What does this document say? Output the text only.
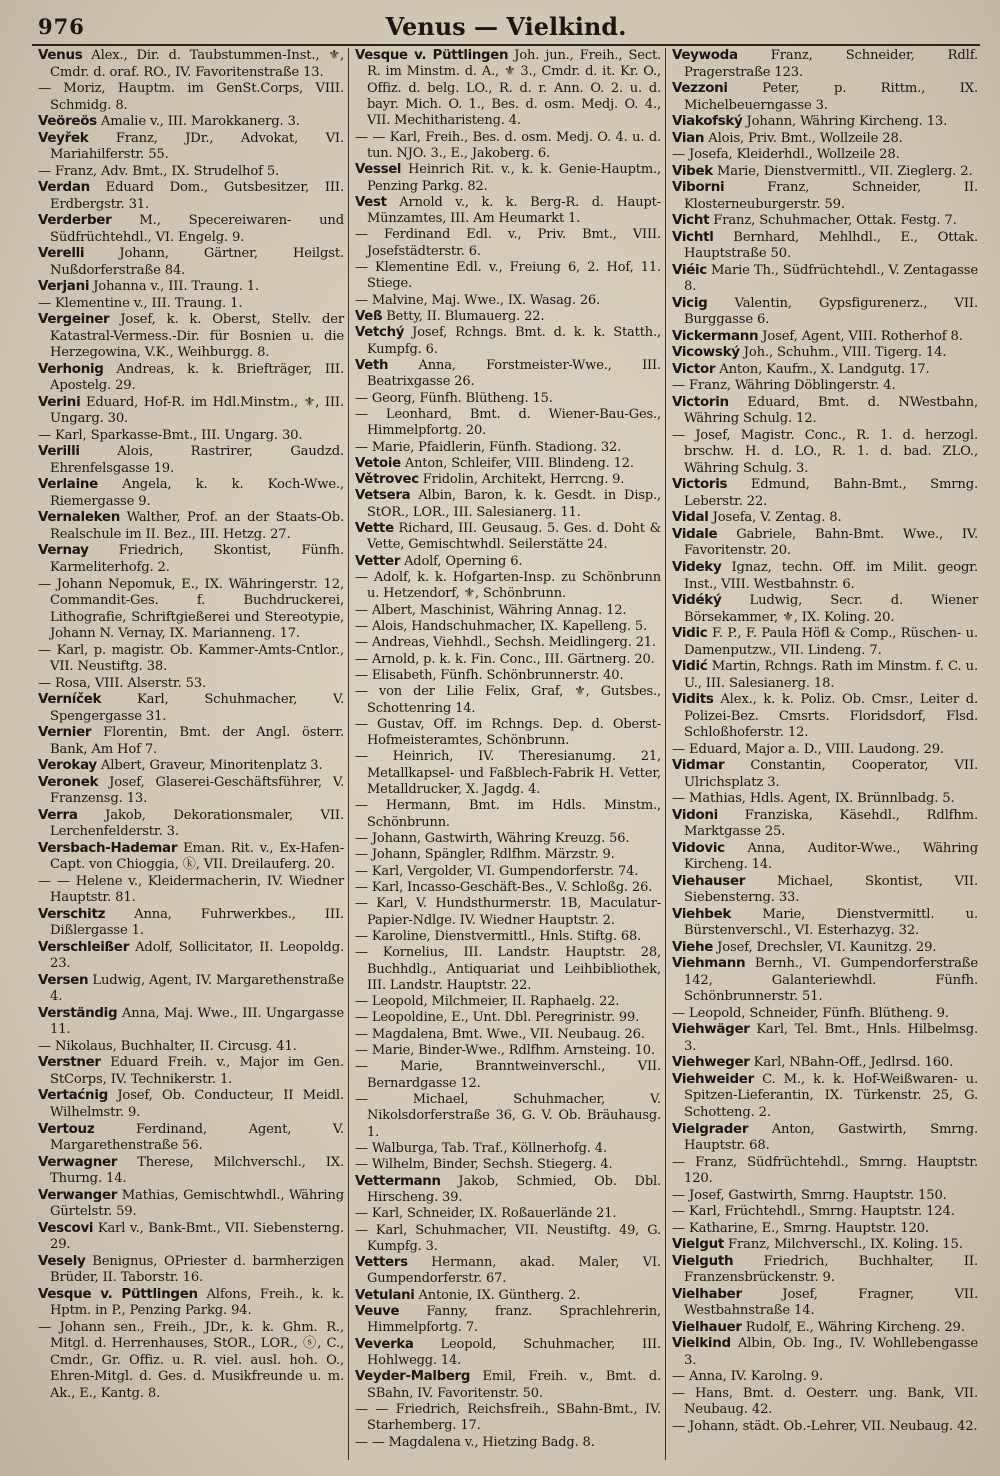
976	Venus — Vielkind.
Venus Alex., Dir. d. Taubstummen-Inst., ⚜, Cmdr. d. oraf. RO., IV. Favoritenstraße 13.
— Moriz, Hauptm. im GenSt.Corps, VIII. Schmidg. 8.
Veöreös Amalie v., III. Marokkanerg. 3.
Veyřek Franz, JDr., Advokat, VI. Mariahilferstr. 55.
— Franz, Adv. Bmt., IX. Strudelhof 5.
Verdan Eduard Dom., Gutsbesitzer, III. Erdbergstr. 31.
Verderber M., Specereiwaren- und Südfrüchtehdl., VI. Engelg. 9.
Verelli	Johann, Gärtner, Heilgst. Nußdorferstraße 84.
Verjani Johanna v., III. Traung. 1.
— Klementine v., III. Traung. 1.
Vergeiner Josef, k. k. Oberst, Stellv. der Katastral-Vermess.-Dir. für Bosnien u. die Herzegowina, V.K., Weihburgg. 8.
Verhonig Andreas, k. k. Briefträger, III. Apostelg. 29.
Verini Eduard, Hof-R. im Hdl.Minstm., ⚜, III. Ungarg. 30.
— Karl, Sparkasse-Bmt., III. Ungarg. 30.
Verilli	Alois, Rastrirer, Gaudzd. Ehrenfelsgasse 19.
Verlaine Angela, k. k. Koch-Wwe., Riemergasse 9.
Vernaleken Walther, Prof. an der Staats-Ob. Realschule im II. Bez., III. Hetzg. 27.
Vernay Friedrich, Skontist, Fünfh. Karmeliterhofg. 2.
— Johann Nepomuk, E., IX. Währingerstr. 12, Commandit-Ges. f. Buchdruckerei, Lithografie, Schriftgießerei und Stereotypie, Johann N. Vernay, IX. Marianneng. 17.
— Karl, p. magistr. Ob. Kammer-Amts-Cntlor., VII. Neustiftg. 38.
— Rosa, VIII. Alserstr. 53.
Verníček	Karl, Schuhmacher, V. Spengergasse 31.
Vernier Florentin, Bmt. der Angl. österr. Bank, Am Hof 7.
Verokay Albert, Graveur, Minoritenplatz 3.
Veronek Josef, Glaserei-Geschäftsführer, V. Franzensg. 13.
Verra Jakob, Dekorationsmaler, VII. Lerchenfelderstr. 3.
Versbach-Hademar Eman. Rit. v., Ex-Hafen-Capt. von Chioggia, ⓚ, VII. Dreilauferg. 20.
— — Helene v., Kleidermacherin, IV. Wiedner Hauptstr. 81.
Verschitz Anna, Fuhrwerkbes., III. Dißlergasse 1.
Verschleißer Adolf, Sollicitator, II. Leopoldg. 23.
Versen Ludwig, Agent, IV. Margarethenstraße 4.
Verständig Anna, Maj. Wwe., III. Ungargasse 11.
— Nikolaus, Buchhalter, II. Circusg. 41.
Verstner Eduard Freih. v., Major im Gen. StCorps, IV. Technikerstr. 1.
Vertaćnig Josef, Ob. Conducteur, II Meidl. Wilhelmstr. 9.
Vertouz	Ferdinand, Agent, V. Margarethenstraße 56.
Verwagner Therese, Milchverschl., IX. Thurng. 14.
Verwanger Mathias, Gemischtwhdl., Währing Gürtelstr. 59.
Vescovi Karl v., Bank-Bmt., VII. Siebensterng. 29.
Vesely Benignus, OPriester d. barmherzigen Brüder, II. Taborstr. 16.
Vesque v. Püttlingen Alfons, Freih., k. k. Hptm. in P., Penzing Parkg. 94.
— Johann sen., Freih., JDr., k. k. Ghm. R., Mitgl. d. Herrenhauses, StOR., LOR., ⓢ, C., Cmdr., Gr. Offiz. u. R. viel. ausl. hoh. O., Ehren-Mitgl. d. Ges. d. Musikfreunde u. m. Ak., E., Kantg. 8.
Vesque v. Püttlingen Joh. jun., Freih., Sect. R. im Minstm. d. A., ⚜ 3., Cmdr. d. it. Kr. O., Offiz. d. belg. LO., R. d. r. Ann. O. 2. u. d. bayr. Mich. O. 1., Bes. d. osm. Medj. O. 4., VII. Mechitharisteng. 4.
— — Karl, Freih., Bes. d. osm. Medj. O. 4. u. d. tun. NJO. 3., E., Jakoberg. 6.
Vessel Heinrich Rit. v., k. k. Genie-Hauptm., Penzing Parkg. 82.
Vest Arnold v., k. k. Berg-R. d. Haupt-Münzamtes, III. Am Heumarkt 1.
— Ferdinand Edl. v., Priv. Bmt., VIII. Josefstädterstr. 6.
— Klementine Edl. v., Freiung 6, 2. Hof, 11. Stiege.
— Malvine, Maj. Wwe., IX. Wasag. 26.
Veß Betty, II. Blumauerg. 22.
Vetchý Josef, Rchngs. Bmt. d. k. k. Statth., Kumpfg. 6.
Veth Anna, Forstmeister-Wwe., III. Beatrixgasse 26.
— Georg, Fünfh. Blütheng. 15.
— Leonhard, Bmt. d. Wiener-Bau-Ges., Himmelpfortg. 20.
— Marie, Pfaidlerin, Fünfh. Stadiong. 32.
Vetoie Anton, Schleifer, VIII. Blindeng. 12.
Větrovec Fridolin, Architekt, Herrcng. 9.
Vetsera Albin, Baron, k. k. Gesdt. in Disp., StOR., LOR., III. Salesianerg. 11.
Vette Richard, III. Geusaug. 5. Ges. d. Doht & Vette, Gemischtwhdl. Seilerstätte 24.
Vetter Adolf, Operning 6.
— Adolf, k. k. Hofgarten-Insp. zu Schönbrunn u. Hetzendorf, ⚜, Schönbrunn.
— Albert, Maschinist, Währing Annag. 12.
— Alois, Handschuhmacher, IX. Kapelleng. 5.
— Andreas, Viehhdl., Sechsh. Meidlingerg. 21.
— Arnold, p. k. k. Fin. Conc., III. Gärtnerg. 20.
— Elisabeth, Fünfh. Schönbrunnerstr. 40.
— von der Lilie Felix, Graf, ⚜, Gutsbes., Schottenring 14.
— Gustav, Off. im Rchngs. Dep. d. Oberst-Hofmeisteramtes, Schönbrunn.
— Heinrich, IV. Theresianumg. 21, Metallkapsel- und Faßblech-Fabrik H. Vetter, Metalldrucker, X. Jagdg. 4.
— Hermann, Bmt. im Hdls. Minstm., Schönbrunn.
— Johann, Gastwirth, Währing Kreuzg. 56.
— Johann, Spängler, Rdlfhm. Märzstr. 9.
— Karl, Vergolder, VI. Gumpendorferstr. 74.
— Karl, Incasso-Geschäft-Bes., V. Schloßg. 26.
— Karl, V. Hundsthurmerstr. 1B, Maculatur-Papier-Ndlge. IV. Wiedner Hauptstr. 2.
— Karoline, Dienstvermittl., Hnls. Stiftg. 68.
— Kornelius, III. Landstr. Hauptstr. 28, Buchhdlg., Antiquariat und Leihbibliothek, III. Landstr. Hauptstr. 22.
— Leopold, Milchmeier, II. Raphaelg. 22.
— Leopoldine, E., Unt. Dbl. Peregrinistr. 99.
— Magdalena, Bmt. Wwe., VII. Neubaug. 26.
— Marie, Binder-Wwe., Rdlfhm. Arnsteing. 10.
— Marie, Branntweinverschl., VII. Bernardgasse 12.
— Michael, Schuhmacher, V. Nikolsdorferstraße 36, G. V. Ob. Bräuhausg. 1.
— Walburga, Tab. Traf., Köllnerhofg. 4.
— Wilhelm, Binder, Sechsh. Stiegerg. 4.
Vettermann Jakob, Schmied, Ob. Dbl. Hirscheng. 39.
— Karl, Schneider, IX. Roßauerlände 21.
— Karl, Schuhmacher, VII. Neustiftg. 49, G. Kumpfg. 3.
Vetters Hermann, akad. Maler, VI. Gumpendorferstr. 67.
Vetulani Antonie, IX. Güntherg. 2.
Veuve Fanny, franz. Sprachlehrerin, Himmelpfortg. 7.
Veverka Leopold, Schuhmacher, III. Hohlwegg. 14.
Veyder-Malberg Emil, Freih. v., Bmt. d. SBahn, IV. Favoritenstr. 50.
— — Friedrich, Reichsfreih., SBahn-Bmt., IV. Starhemberg. 17.
— — Magdalena v., Hietzing Badg. 8.
Veywoda	Franz, Schneider, Rdlf. Pragerstraße 123.
Vezzoni	Peter, p. Rittm., IX. Michelbeuerngasse 3.
Viakofský Johann, Währing Kircheng. 13.
Vian Alois, Priv. Bmt., Wollzeile 28.
— Josefa, Kleiderhdl., Wollzeile 28.
Vibek Marie, Dienstvermittl., VII. Zieglerg. 2.
Viborni	Franz, Schneider, II. Klosterneuburgerstr. 59.
Vicht Franz, Schuhmacher, Ottak. Festg. 7.
Vichtl Bernhard, Mehlhdl., E., Ottak. Hauptstraße 50.
Viéic Marie Th., Südfrüchtehdl., V. Zentagasse 8.
Vicig Valentin, Gypsfigurenerz., VII. Burggasse 6.
Vickermann Josef, Agent, VIII. Rotherhof 8.
Vicowský Joh., Schuhm., VIII. Tigerg. 14.
Victor Anton, Kaufm., X. Landgutg. 17.
— Franz, Währing Döblingerstr. 4.
Victorin Eduard, Bmt. d. NWestbahn, Währing Schulg. 12.
— Josef, Magistr. Conc., R. 1. d. herzogl. brschw. H. d. LO., R. 1. d. bad. ZLO., Währing Schulg. 3.
Victoris Edmund, Bahn-Bmt., Smrng. Leberstr. 22.
Vidal Josefa, V. Zentag. 8.
Vidale Gabriele, Bahn-Bmt. Wwe., IV. Favoritenstr. 20.
Videky Ignaz, techn. Off. im Milit. geogr. Inst., VIII. Westbahnstr. 6.
Vidéký Ludwig, Secr. d. Wiener Börsekammer, ⚜, IX. Koling. 20.
Vidic F. P., F. Paula Höfl & Comp., Rüschen- u. Damenputzw., VII. Lindeng. 7.
Vidić Martin, Rchngs. Rath im Minstm. f. C. u. U., III. Salesianerg. 18.
Vidits Alex., k. k. Poliz. Ob. Cmsr., Leiter d. Polizei-Bez. Cmsrts. Floridsdorf, Flsd. Schloßhoferstr. 12.
— Eduard, Major a. D., VIII. Laudong. 29.
Vidmar Constantin, Cooperator, VII. Ulrichsplatz 3.
— Mathias, Hdls. Agent, IX. Brünnlbadg. 5.
Vidoni Franziska, Käsehdl., Rdlfhm. Marktgasse 25.
Vidovic Anna, Auditor-Wwe., Währing Kircheng. 14.
Viehauser Michael, Skontist, VII. Siebensterng. 33.
Viehbek Marie, Dienstvermittl. u. Bürstenverschl., VI. Esterhazyg. 32.
Viehe Josef, Drechsler, VI. Kaunitzg. 29.
Viehmann Bernh., VI. Gumpendorferstraße 142, Galanteriewhdl. Fünfh. Schönbrunnerstr. 51.
— Leopold, Schneider, Fünfh. Blütheng. 9.
Viehwäger Karl, Tel. Bmt., Hnls. Hilbelmsg. 3.
Viehweger Karl, NBahn-Off., Jedlrsd. 160.
Viehweider C. M., k. k. Hof-Weißwaren- u. Spitzen-Lieferantin, IX. Türkenstr. 25, G. Schotteng. 2.
Vielgrader Anton, Gastwirth, Smrng. Hauptstr. 68.
— Franz, Südfrüchtehdl., Smrng. Hauptstr. 120.
— Josef, Gastwirth, Smrng. Hauptstr. 150.
— Karl, Früchtehdl., Smrng. Hauptstr. 124.
— Katharine, E., Smrng. Hauptstr. 120.
Vielgut Franz, Milchverschl., IX. Koling. 15.
Vielguth Friedrich, Buchhalter, II. Franzensbrückenstr. 9.
Vielhaber	Josef, Fragner, VII. Westbahnstraße 14.
Vielhauer Rudolf, E., Währing Kircheng. 29.
Vielkind Albin, Ob. Ing., IV. Wohllebengasse 3.
— Anna, IV. Karolng. 9.
— Hans, Bmt. d. Oesterr. ung. Bank, VII. Neubaug. 42.
— Johann, städt. Ob.-Lehrer, VII. Neubaug. 42.
